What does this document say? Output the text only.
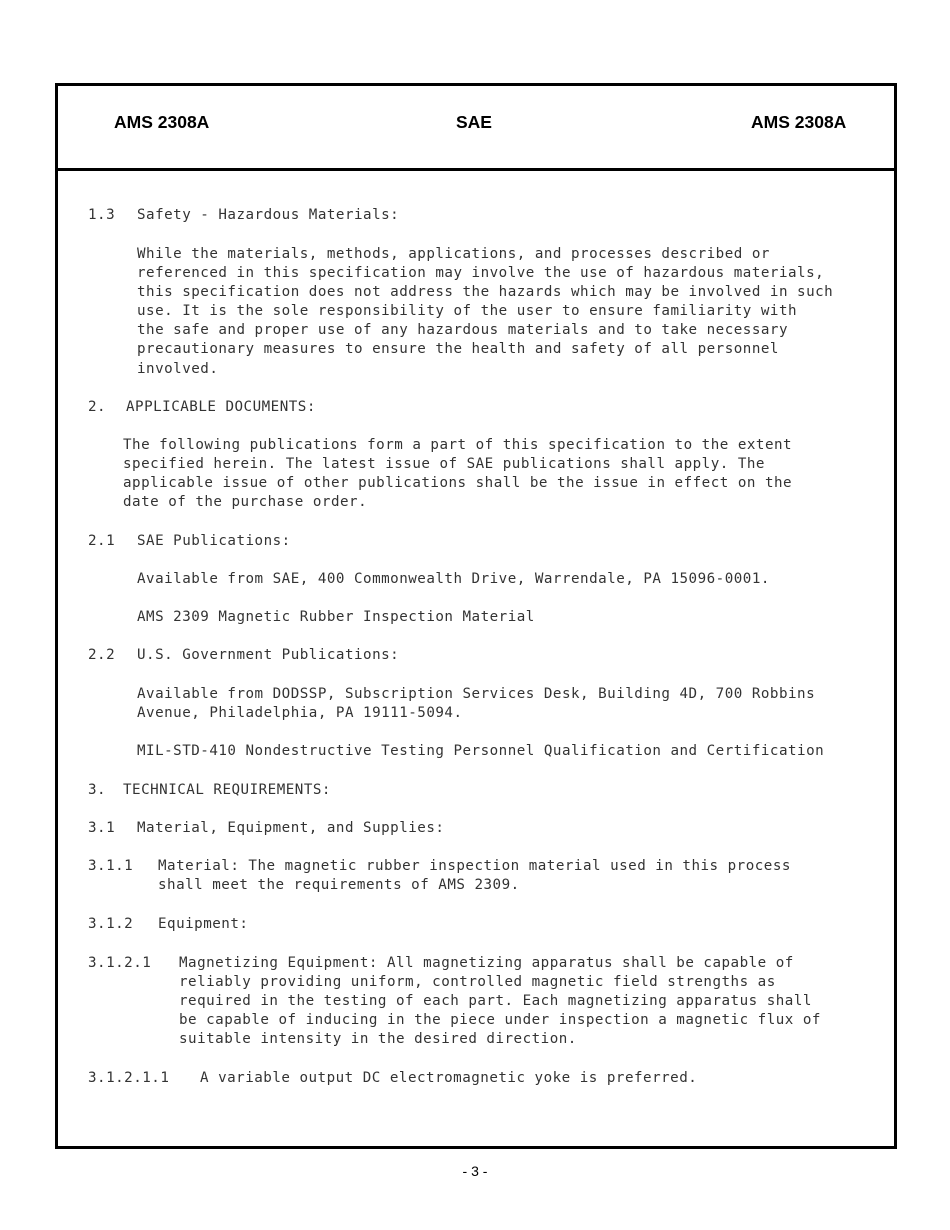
AMS 2308A	SAE	AMS 2308A
1.3 Safety - Hazardous Materials:
While the materials, methods, applications, and processes described or
referenced in this specification may involve the use of hazardous materials,
this specification does not address the hazards which may be involved in such
use. It is the sole responsibility of the user to ensure familiarity with
the safe and proper use of any hazardous materials and to take necessary
precautionary measures to ensure the health and safety of all personnel
involved.
2. APPLICABLE DOCUMENTS:
The following publications form a part of this specification to the extent
specified herein. The latest issue of SAE publications shall apply. The
applicable issue of other publications shall be the issue in effect on the
date of the purchase order.
2.1 SAE Publications:
Available from SAE, 400 Commonwealth Drive, Warrendale, PA 15096-0001.
AMS 2309 Magnetic Rubber Inspection Material
2.2 U.S. Government Publications:
Available from DODSSP, Subscription Services Desk, Building 4D, 700 Robbins
Avenue, Philadelphia, PA 19111-5094.
MIL-STD-410 Nondestructive Testing Personnel Qualification and Certification
3. TECHNICAL REQUIREMENTS:
3.1 Material, Equipment, and Supplies:
3.1.1 Material: The magnetic rubber inspection material used in this process
shall meet the requirements of AMS 2309.
3.1.2 Equipment:
3.1.2.1 Magnetizing Equipment: All magnetizing apparatus shall be capable of
reliably providing uniform, controlled magnetic field strengths as
required in the testing of each part. Each magnetizing apparatus shall
be capable of inducing in the piece under inspection a magnetic flux of
suitable intensity in the desired direction.
3.1.2.1.1 A variable output DC electromagnetic yoke is preferred.
- 3 -
